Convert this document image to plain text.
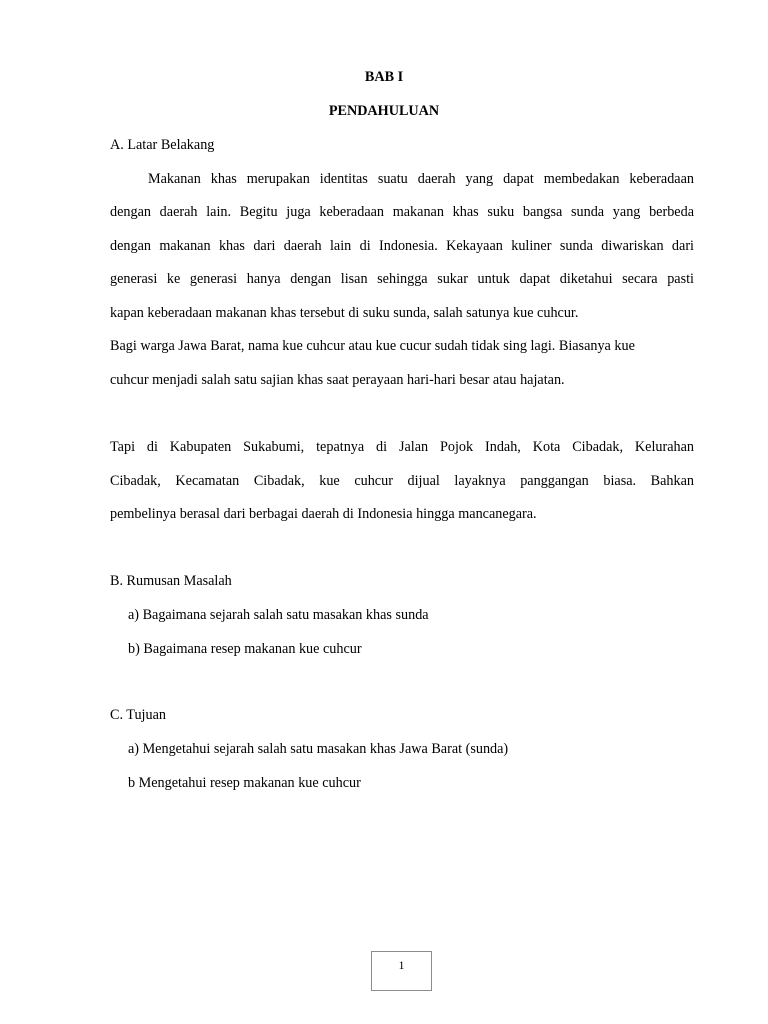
BAB I
PENDAHULUAN
A. Latar Belakang
Makanan khas merupakan identitas suatu daerah yang dapat membedakan keberadaan
dengan daerah lain. Begitu juga keberadaan makanan khas suku bangsa sunda yang berbeda
dengan makanan khas dari daerah lain di Indonesia. Kekayaan kuliner sunda diwariskan dari
generasi ke generasi hanya dengan lisan sehingga sukar untuk dapat diketahui secara pasti
kapan keberadaan makanan khas tersebut di suku sunda, salah satunya kue cuhcur.
Bagi warga Jawa Barat, nama kue cuhcur atau kue cucur sudah tidak sing lagi. Biasanya kue
cuhcur menjadi salah satu sajian khas saat perayaan hari-hari besar atau hajatan.
Tapi di Kabupaten Sukabumi, tepatnya di Jalan Pojok Indah, Kota Cibadak, Kelurahan
Cibadak, Kecamatan Cibadak, kue cuhcur dijual layaknya panggangan biasa. Bahkan
pembelinya berasal dari berbagai daerah di Indonesia hingga mancanegara.
B. Rumusan Masalah
a) Bagaimana sejarah salah satu masakan khas sunda
b) Bagaimana resep makanan kue cuhcur
C. Tujuan
a) Mengetahui sejarah salah satu masakan khas Jawa Barat (sunda)
b Mengetahui resep makanan kue cuhcur
1
